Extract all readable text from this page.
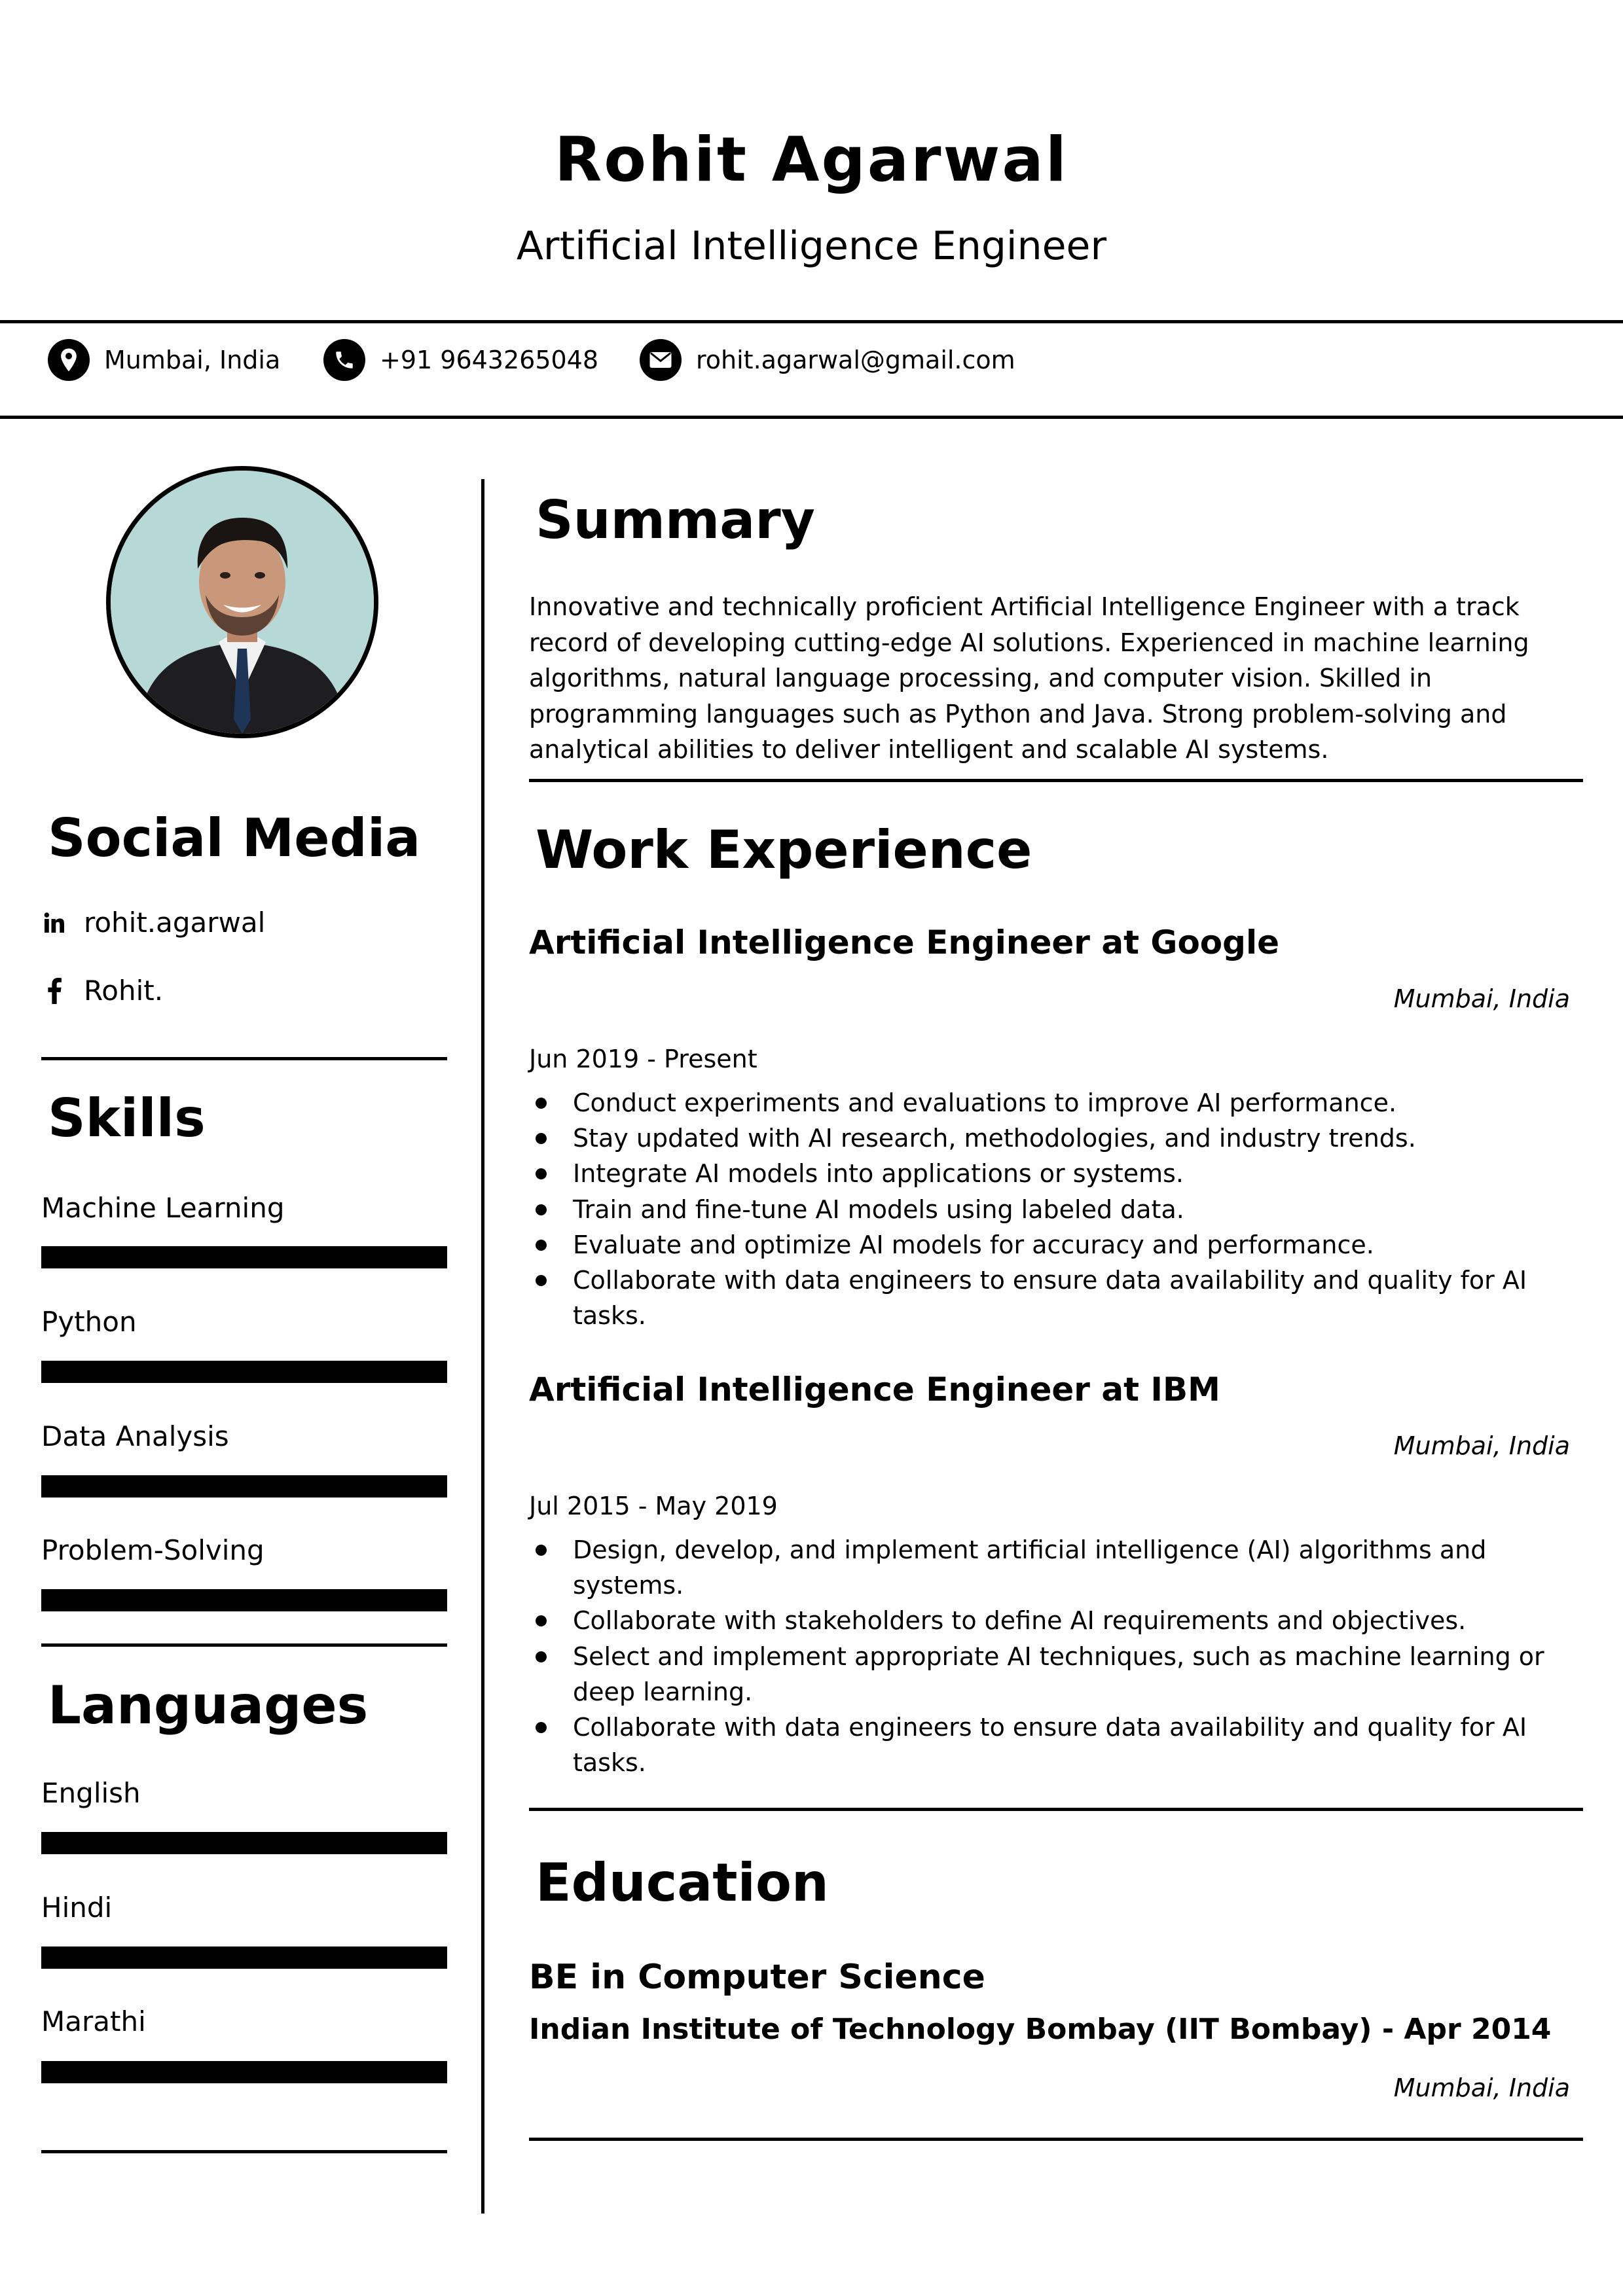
Rohit Agarwal
Artificial Intelligence Engineer
Mumbai, India	+91 9643265048	rohit.agarwal@gmail.com
Social Media
rohit.agarwal
Rohit.
Skills
Machine Learning
Python
Data Analysis
Problem-Solving
Languages
English
Hindi
Marathi
Summary
Innovative and technically proficient Artificial Intelligence Engineer with a track record of developing cutting-edge AI solutions. Experienced in machine learning algorithms, natural language processing, and computer vision. Skilled in programming languages such as Python and Java. Strong problem-solving and analytical abilities to deliver intelligent and scalable AI systems.
Work Experience
Artificial Intelligence Engineer at Google
Mumbai, India
Jun 2019 - Present
Conduct experiments and evaluations to improve AI performance.
Stay updated with AI research, methodologies, and industry trends.
Integrate AI models into applications or systems.
Train and fine-tune AI models using labeled data.
Evaluate and optimize AI models for accuracy and performance.
Collaborate with data engineers to ensure data availability and quality for AI tasks.
Artificial Intelligence Engineer at IBM
Mumbai, India
Jul 2015 - May 2019
Design, develop, and implement artificial intelligence (AI) algorithms and systems.
Collaborate with stakeholders to define AI requirements and objectives.
Select and implement appropriate AI techniques, such as machine learning or deep learning.
Collaborate with data engineers to ensure data availability and quality for AI tasks.
Education
BE in Computer Science
Indian Institute of Technology Bombay (IIT Bombay) - Apr 2014
Mumbai, India
